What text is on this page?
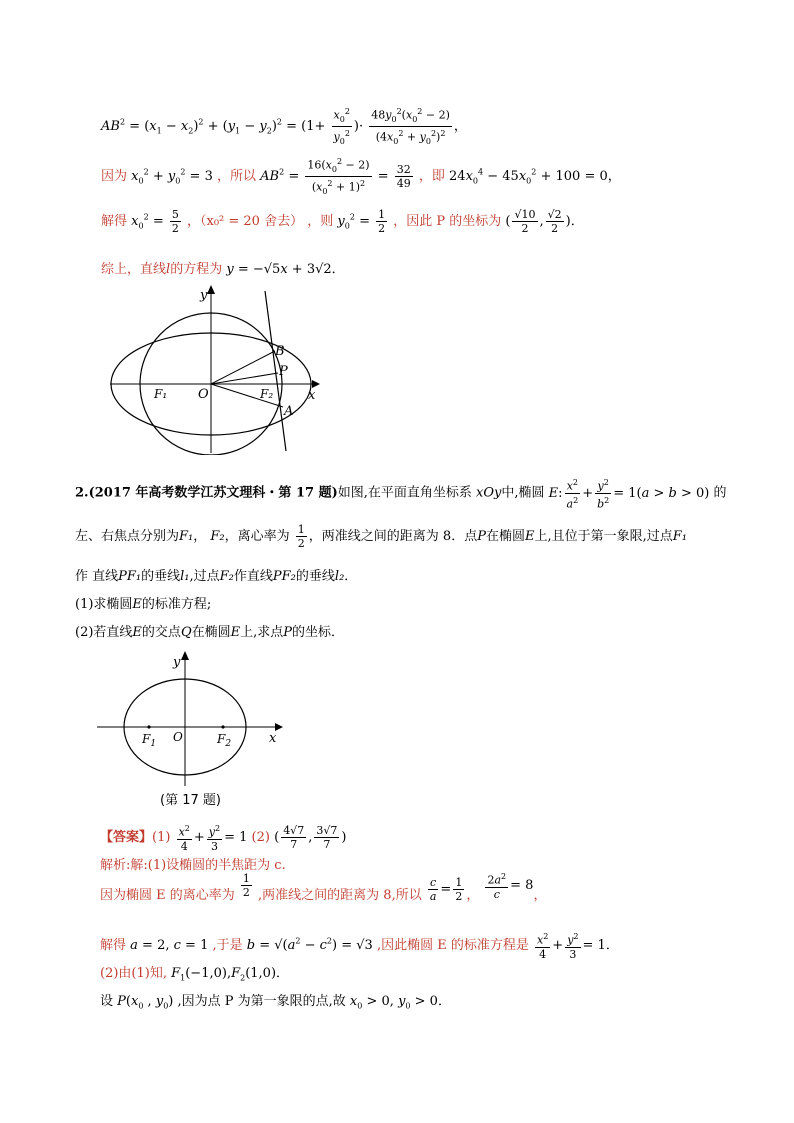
$AB^2 = (x_1 - x_2)^2 + (y_1 - y_2)^2 = (1+ \frac{x_0^2}{y_0^2}$ )· $\frac{48y_0^2(x_0^2 - 2)}{(4x_0^2 + y_0^2)^2}$ ，
因为 $x_0^2 + y_0^2 = 3$ ，所以 $AB^2 = \frac{16(x_0^2 - 2)}{(x_0^2 + 1)^2} = \frac{32}{49}$ ，即 $24x_0^4 - 45x_0^2 + 100 = 0$，
解得 $x_0^2 = \frac{5}{2}$ ，（x₀² = 20 舍去） ，则 $y_0^2 = \frac{1}{2}$ ，因此 P 的坐标为 ( $\frac{√10}{2}$ , $\frac{√2}{2}$ )．
综上，直线l的方程为 y = −√5x + 3√2．
y
x
O
F₁	F₂
A
B
P
2.(2017 年高考数学江苏文理科・第 17 题)如图,在平面直角坐标系 xOy中,椭圆 E: $\frac{x^2}{a^2} + \frac{y^2}{b^2} = 1(a > b > 0)$ 的
左、右焦点分别为F₁， F₂，离心率为 $\frac{1}{2}$ ，两准线之间的距离为 8．点P在椭圆E上,且位于第一象限,过点F₁
作 直线PF₁的垂线l₁,过点F₂作直线PF₂的垂线l₂．
(1)求椭圆E的标准方程;
(2)若直线E的交点Q在椭圆E上,求点P的坐标．
y
x
O
$F_1$	$F_2$
(第 17 题)
【答案】$(1) \frac{x^2}{4} + \frac{y^2}{3} = 1$ (2) ( $\frac{4√7}{7}$ , $\frac{3√7}{7}$ )
解析:解:(1)设椭圆的半焦距为 c.
因为椭圆 E 的离心率为 $\frac{1}{2}$ ,两准线之间的距离为 8,所以 $\frac{c}{a} = \frac{1}{2}$ ， $\frac{2a^2}{c} = 8$，
解得 a = 2, c = 1 ,于是 $b = √(a^2 - c^2) = √3$ ,因此椭圆 E 的标准方程是 $\frac{x^2}{4} + \frac{y^2}{3} = 1$．
(2)由(1)知, $F_1(-1,0),F_2(1,0)$．
设 $P(x_0$ , $y_0$) ,因为点 P 为第一象限的点,故 $x_0 > 0$, $y_0 > 0$．
